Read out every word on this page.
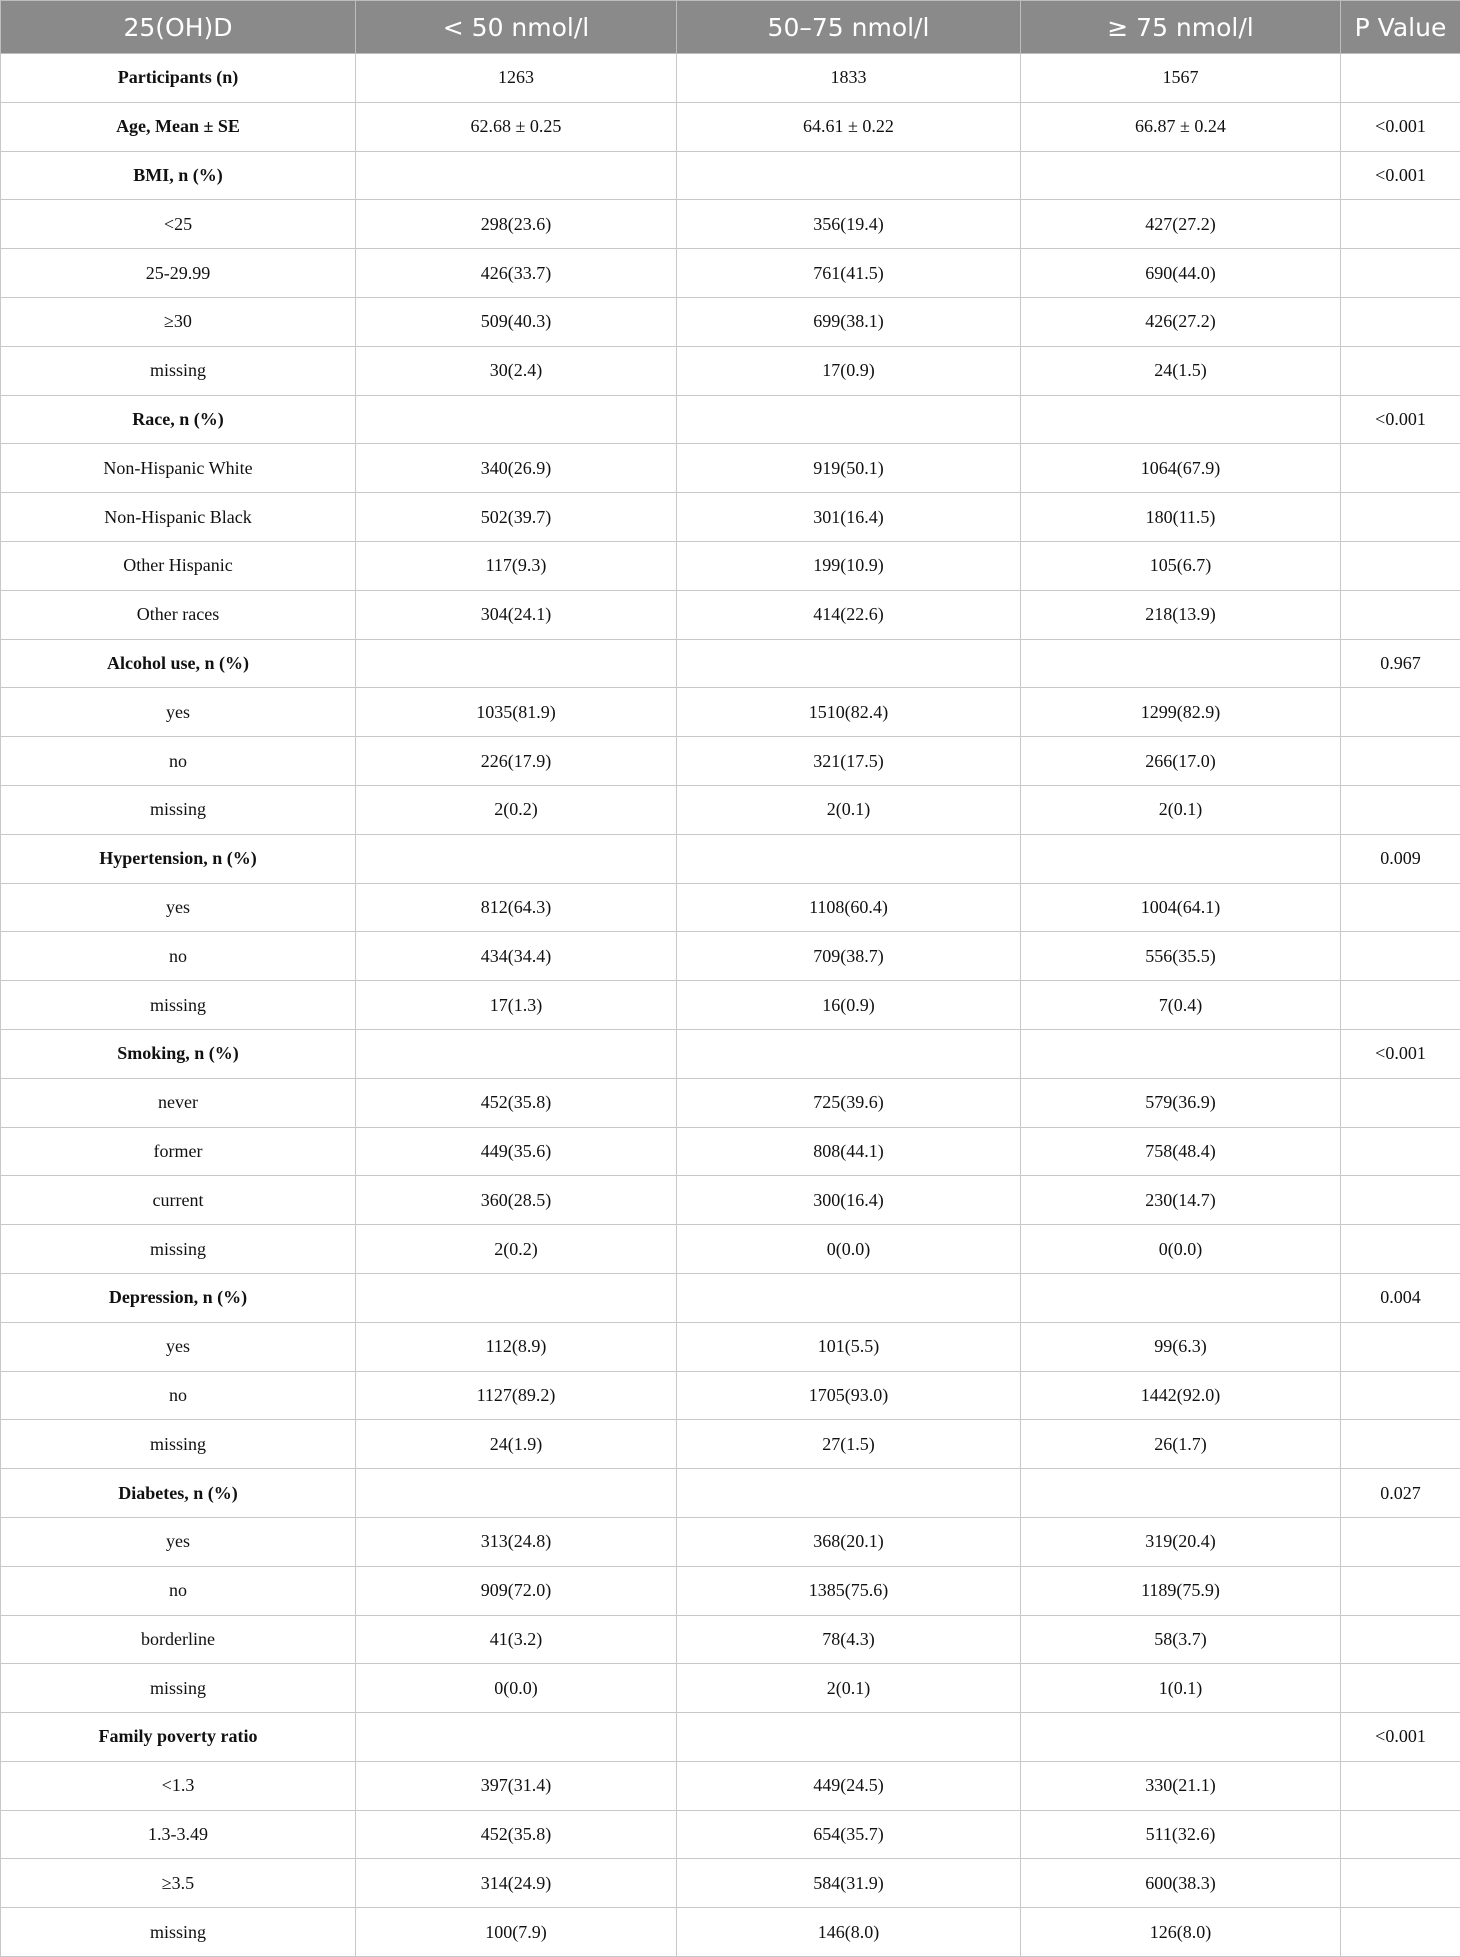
25(OH)D	< 50 nmol/l	50–75 nmol/l	≥ 75 nmol/l	P Value
Participants (n)	1263	1833	1567	
Age, Mean ± SE	62.68 ± 0.25	64.61 ± 0.22	66.87 ± 0.24	<0.001
BMI, n (%)				<0.001
<25	298(23.6)	356(19.4)	427(27.2)	
25-29.99	426(33.7)	761(41.5)	690(44.0)	
≥30	509(40.3)	699(38.1)	426(27.2)	
missing	30(2.4)	17(0.9)	24(1.5)	
Race, n (%)				<0.001
Non-Hispanic White	340(26.9)	919(50.1)	1064(67.9)	
Non-Hispanic Black	502(39.7)	301(16.4)	180(11.5)	
Other Hispanic	117(9.3)	199(10.9)	105(6.7)	
Other races	304(24.1)	414(22.6)	218(13.9)	
Alcohol use, n (%)				0.967
yes	1035(81.9)	1510(82.4)	1299(82.9)	
no	226(17.9)	321(17.5)	266(17.0)	
missing	2(0.2)	2(0.1)	2(0.1)	
Hypertension, n (%)				0.009
yes	812(64.3)	1108(60.4)	1004(64.1)	
no	434(34.4)	709(38.7)	556(35.5)	
missing	17(1.3)	16(0.9)	7(0.4)	
Smoking, n (%)				<0.001
never	452(35.8)	725(39.6)	579(36.9)	
former	449(35.6)	808(44.1)	758(48.4)	
current	360(28.5)	300(16.4)	230(14.7)	
missing	2(0.2)	0(0.0)	0(0.0)	
Depression, n (%)				0.004
yes	112(8.9)	101(5.5)	99(6.3)	
no	1127(89.2)	1705(93.0)	1442(92.0)	
missing	24(1.9)	27(1.5)	26(1.7)	
Diabetes, n (%)				0.027
yes	313(24.8)	368(20.1)	319(20.4)	
no	909(72.0)	1385(75.6)	1189(75.9)	
borderline	41(3.2)	78(4.3)	58(3.7)	
missing	0(0.0)	2(0.1)	1(0.1)	
Family poverty ratio				<0.001
<1.3	397(31.4)	449(24.5)	330(21.1)	
1.3-3.49	452(35.8)	654(35.7)	511(32.6)	
≥3.5	314(24.9)	584(31.9)	600(38.3)	
missing	100(7.9)	146(8.0)	126(8.0)	
